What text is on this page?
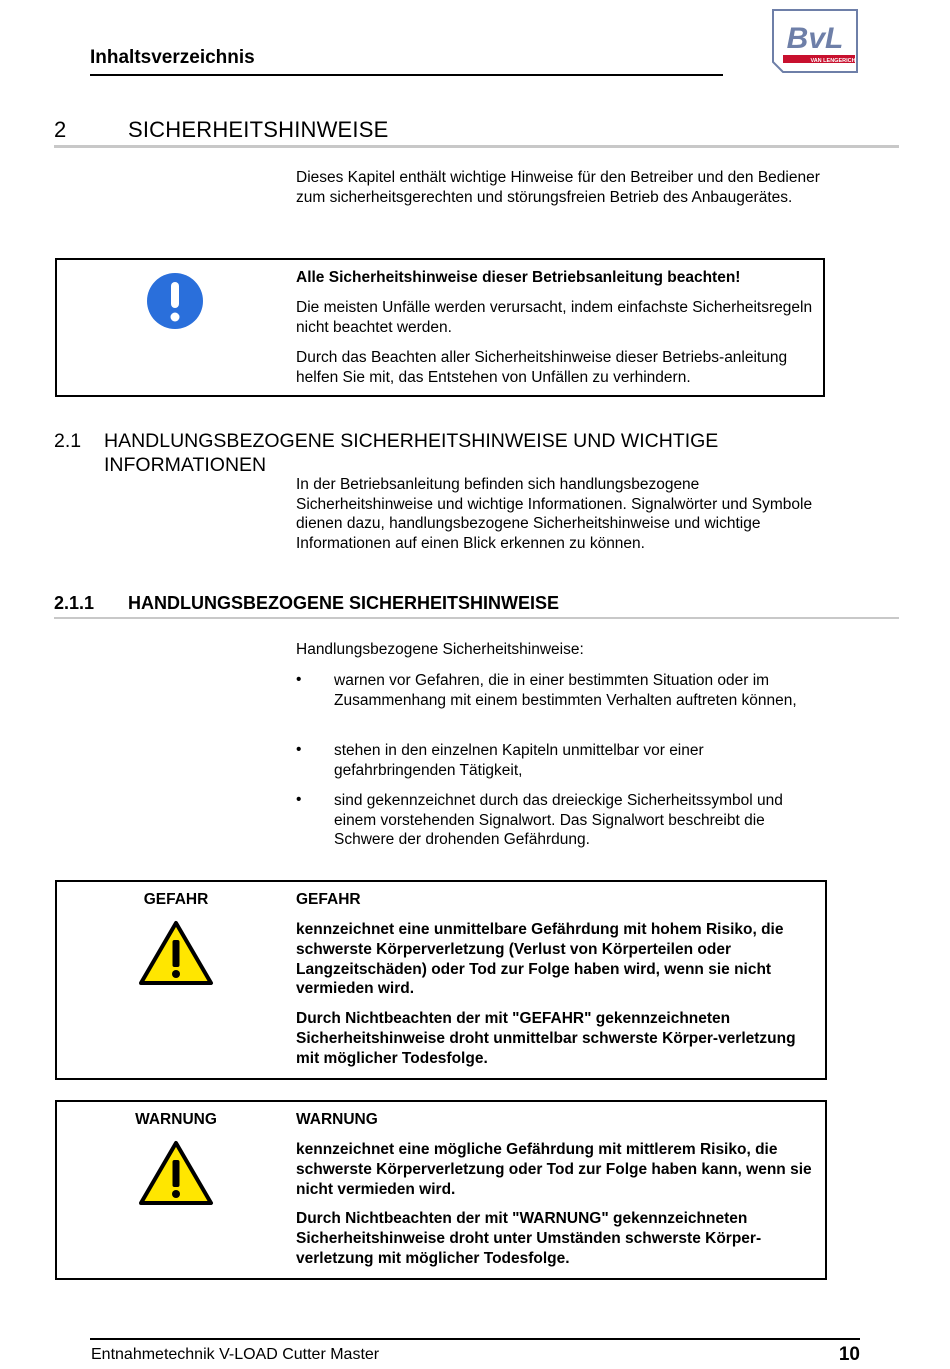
Inhaltsverzeichnis
BvL
VAN LENGERICH
2	SICHERHEITSHINWEISE
Dieses Kapitel enthält wichtige Hinweise für den Betreiber und den Bediener zum sicherheitsgerechten und störungsfreien Betrieb des Anbaugerätes.
Alle Sicherheitshinweise dieser Betriebsanleitung beachten!
Die meisten Unfälle werden verursacht, indem einfachste Sicherheitsregeln nicht beachtet werden.
Durch das Beachten aller Sicherheitshinweise dieser Betriebs-anleitung helfen Sie mit, das Entstehen von Unfällen zu verhindern.
2.1 HANDLUNGSBEZOGENE SICHERHEITSHINWEISE UND WICHTIGE
INFORMATIONEN
In der Betriebsanleitung befinden sich handlungsbezogene Sicherheitshinweise und wichtige Informationen. Signalwörter und Symbole dienen dazu, handlungsbezogene Sicherheitshinweise und wichtige Informationen auf einen Blick erkennen zu können.
2.1.1 HANDLUNGSBEZOGENE SICHERHEITSHINWEISE
Handlungsbezogene Sicherheitshinweise:
• warnen vor Gefahren, die in einer bestimmten Situation oder im Zusammenhang mit einem bestimmten Verhalten auftreten können,
• stehen in den einzelnen Kapiteln unmittelbar vor einer gefahrbringenden Tätigkeit,
• sind gekennzeichnet durch das dreieckige Sicherheitssymbol und einem vorstehenden Signalwort. Das Signalwort beschreibt die Schwere der drohenden Gefährdung.
GEFAHR	GEFAHR
kennzeichnet eine unmittelbare Gefährdung mit hohem Risiko, die schwerste Körperverletzung (Verlust von Körperteilen oder Langzeitschäden) oder Tod zur Folge haben wird, wenn sie nicht vermieden wird.
Durch Nichtbeachten der mit "GEFAHR" gekennzeichneten Sicherheitshinweise droht unmittelbar schwerste Körper-verletzung mit möglicher Todesfolge.
WARNUNG	WARNUNG
kennzeichnet eine mögliche Gefährdung mit mittlerem Risiko, die schwerste Körperverletzung oder Tod zur Folge haben kann, wenn sie nicht vermieden wird.
Durch Nichtbeachten der mit "WARNUNG" gekennzeichneten Sicherheitshinweise droht unter Umständen schwerste Körper-verletzung mit möglicher Todesfolge.
Entnahmetechnik V-LOAD Cutter Master	10
